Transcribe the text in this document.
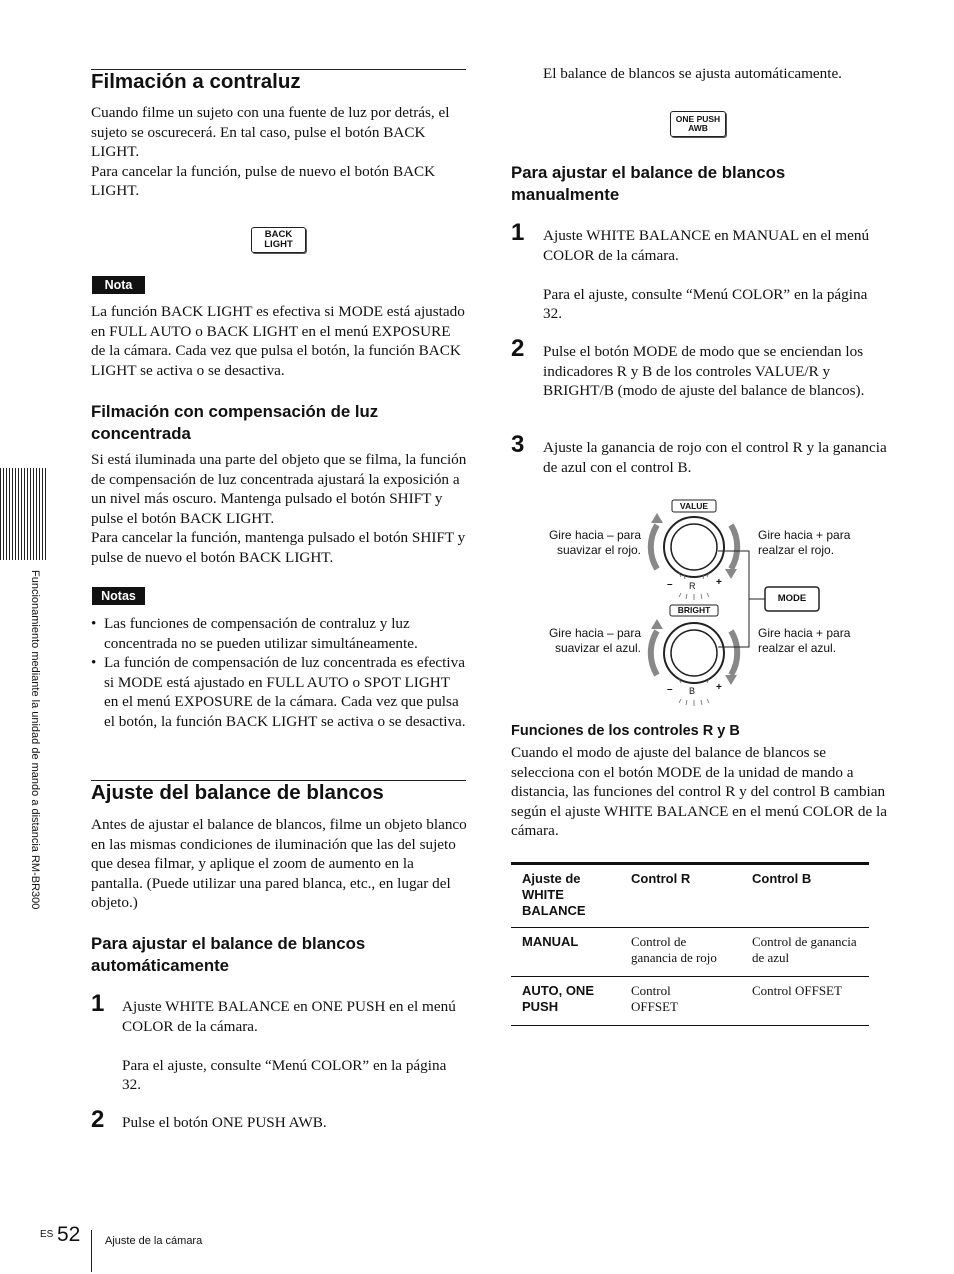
Funcionamiento mediante la unidad de mando a distancia RM-BR300
Filmación a contraluz

Cuando filme un sujeto con una fuente de luz por detrás, el sujeto se oscurecerá. En tal caso, pulse el botón BACK LIGHT.

Para cancelar la función, pulse de nuevo el botón BACK LIGHT.

BACK
LIGHT
Nota
La función BACK LIGHT es efectiva si MODE está ajustado en FULL AUTO o BACK LIGHT en el menú EXPOSURE de la cámara. Cada vez que pulsa el botón, la función BACK LIGHT se activa o se desactiva.
Filmación con compensación de luz concentrada

Si está iluminada una parte del objeto que se filma, la función de compensación de luz concentrada ajustará la exposición a un nivel más oscuro. Mantenga pulsado el botón SHIFT y pulse el botón BACK LIGHT.

Para cancelar la función, mantenga pulsado el botón SHIFT y pulse de nuevo el botón BACK LIGHT.

Notas
• Las funciones de compensación de contraluz y luz concentrada no se pueden utilizar simultáneamente.
• La función de compensación de luz concentrada es efectiva si MODE está ajustado en FULL AUTO o SPOT LIGHT en el menú EXPOSURE de la cámara. Cada vez que pulsa el botón, la función BACK LIGHT se activa o se desactiva.
Ajuste del balance de blancos
Antes de ajustar el balance de blancos, filme un objeto blanco en las mismas condiciones de iluminación que las del sujeto que desea filmar, y aplique el zoom de aumento en la pantalla. (Puede utilizar una pared blanca, etc., en lugar del objeto.)
Para ajustar el balance de blancos automáticamente
1 Ajuste WHITE BALANCE en ONE PUSH en el menú COLOR de la cámara.

Para el ajuste, consulte “Menú COLOR” en la página 32.

2 Pulse el botón ONE PUSH AWB.
El balance de blancos se ajusta automáticamente.
ONE PUSH
AWB
Para ajustar el balance de blancos manualmente
1 Ajuste WHITE BALANCE en MANUAL en el menú COLOR de la cámara.

Para el ajuste, consulte “Menú COLOR” en la página 32.

2 Pulse el botón MODE de modo que se enciendan los indicadores R y B de los controles VALUE/R y BRIGHT/B (modo de ajuste del balance de blancos).
3 Ajuste la ganancia de rojo con el control R y la ganancia de azul con el control B.
VALUE
BRIGHT
R
B
–	+
–	+
MODE
Gire hacia – para suavizar el rojo.
Gire hacia + para realzar el rojo.
Gire hacia – para suavizar el azul.
Gire hacia + para realzar el azul.
Funciones de los controles R y B
Cuando el modo de ajuste del balance de blancos se selecciona con el botón MODE de la unidad de mando a distancia, las funciones del control R y del control B cambian según el ajuste WHITE BALANCE en el menú COLOR de la cámara.
Ajuste de WHITE BALANCE	Control R	Control B
MANUAL	Control de ganancia de rojo	Control de ganancia de azul
AUTO, ONE PUSH	Control OFFSET	Control OFFSET
ES 52 Ajuste de la cámara
